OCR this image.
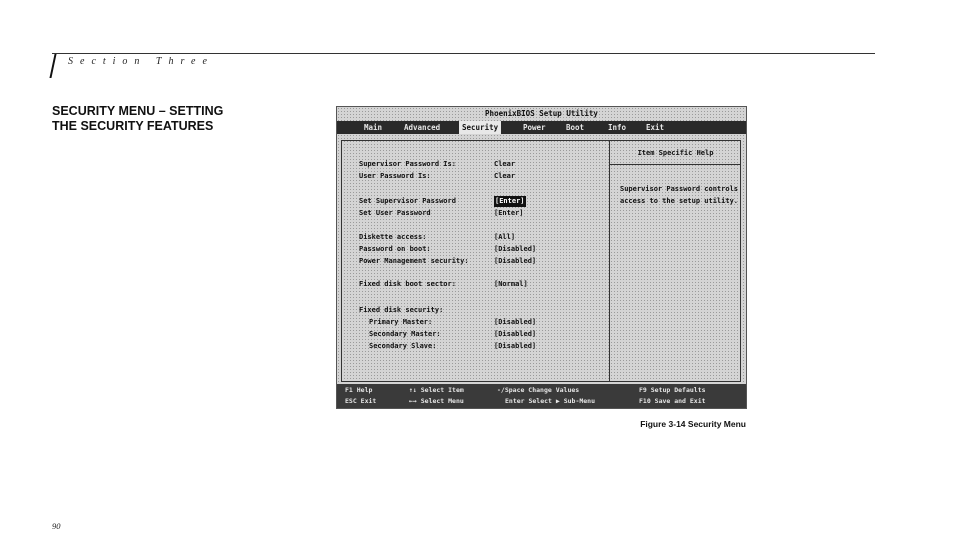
Section Three
SECURITY MENU – SETTING
THE SECURITY FEATURES
PhoenixBIOS Setup Utility
Main	Advanced	Security	Power	Boot	Info	Exit
Supervisor Password Is:	Clear
User Password Is:	Clear
Set Supervisor Password	[Enter]
Set User Password	[Enter]
Diskette access:	[All]
Password on boot:	[Disabled]
Power Management security:	[Disabled]
Fixed disk boot sector:	[Normal]
Fixed disk security:
Primary Master:	[Disabled]
Secondary Master:	[Disabled]
Secondary Slave:	[Disabled]
Item Specific Help
Supervisor Password controls access to the setup utility.
F1 Help	↑↓ Select Item	-/Space Change Values	F9 Setup Defaults
ESC Exit	←→ Select Menu	Enter Select ▶ Sub-Menu	F10 Save and Exit
Figure 3-14 Security Menu
90
